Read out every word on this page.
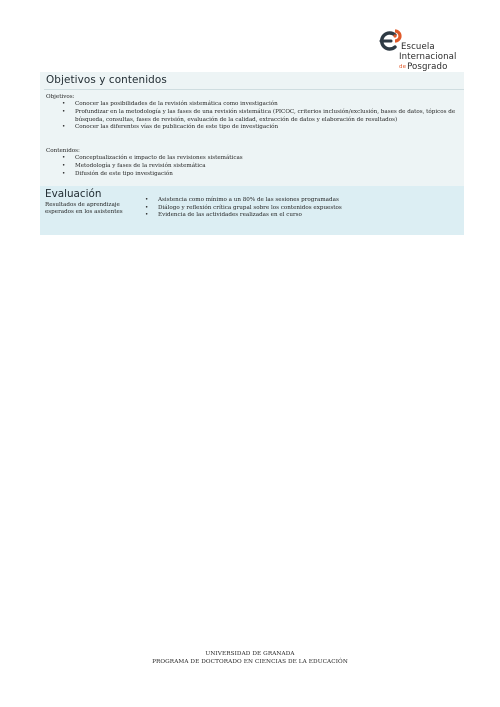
Escuela
Internacional
dePosgrado
Objetivos y contenidos
Objetivos:
• Conocer las posibilidades de la revisión sistemática como investigación
• Profundizar en la metodología y las fases de una revisión sistemática (PICOC, criterios inclusión/exclusión, bases de datos, tópicos de búsqueda, consultas, fases de revisión, evaluación de la calidad, extracción de datos y elaboración de resultados)
• Conocer las diferentes vías de publicación de este tipo de investigación
Contenidos:
• Conceptualización e impacto de las revisiones sistemáticas
• Metodología y fases de la revisión sistemática
• Difusión de este tipo investigación
Evaluación
Resultados de aprendizaje esperados en los asistentes
• Asistencia como mínimo a un 80% de las sesiones programadas
• Diálogo y reflexión crítica grupal sobre los contenidos expuestos
• Evidencia de las actividades realizadas en el curso
UNIVERSIDAD DE GRANADA
PROGRAMA DE DOCTORADO EN CIENCIAS DE LA EDUCACIÓN
